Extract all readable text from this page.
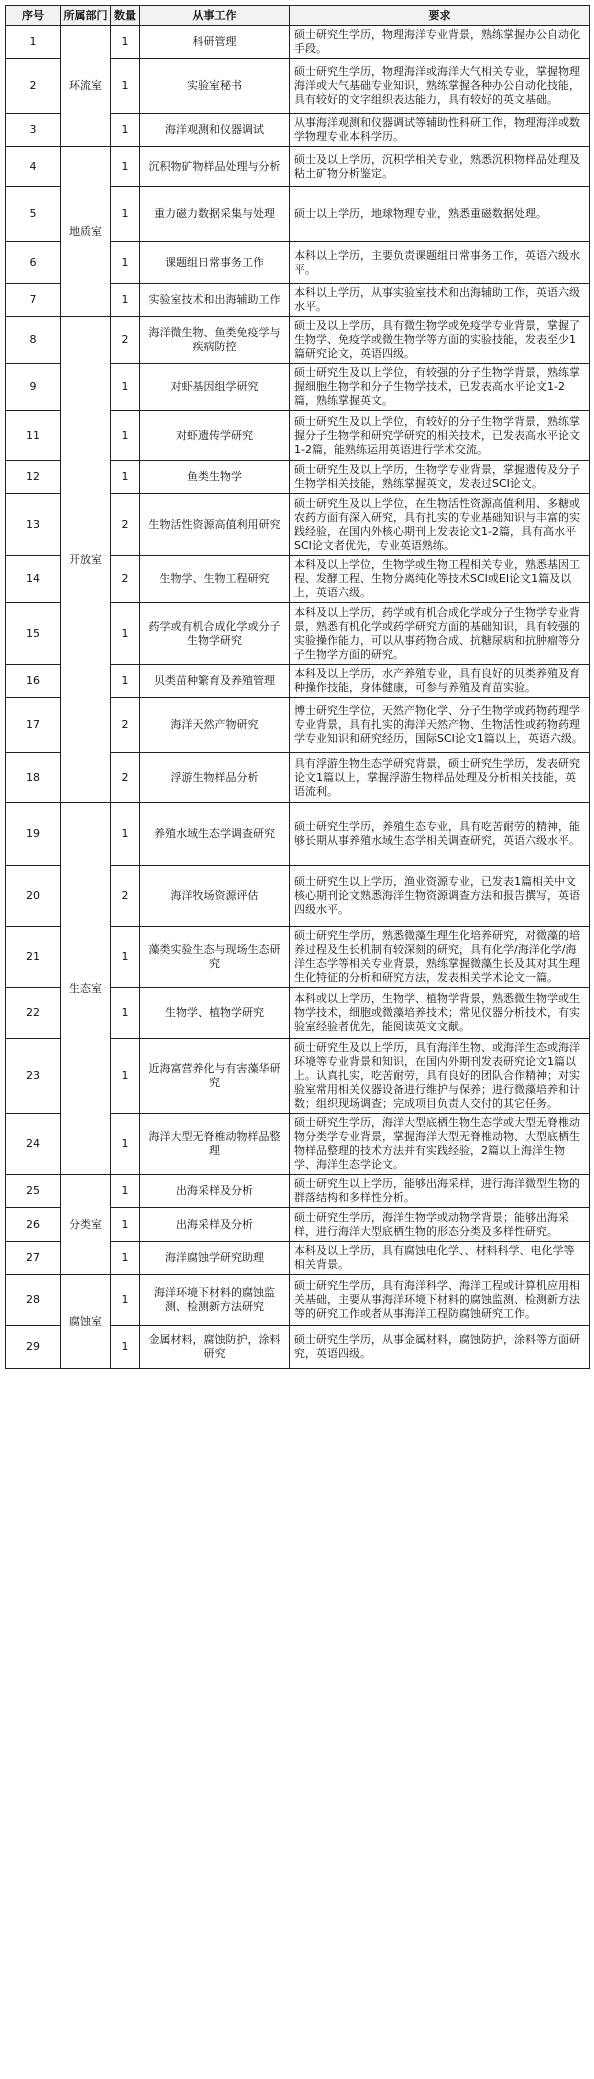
序号	所属部门	数量	从事工作	要求
1	环流室	1	科研管理	硕士研究生学历，物理海洋专业背景，熟练掌握办公自动化手段。
2		1	实验室秘书	硕士研究生学历，物理海洋或海洋大气相关专业，掌握物理海洋或大气基础专业知识，熟练掌握各种办公自动化技能，具有较好的文字组织表达能力，具有较好的英文基础。
3		1	海洋观测和仪器调试	从事海洋观测和仪器调试等辅助性科研工作，物理海洋或数学物理专业本科学历。
4	地质室	1	沉积物矿物样品处理与分析	硕士及以上学历，沉积学相关专业，熟悉沉积物样品处理及粘土矿物分析鉴定。
5		1	重力磁力数据采集与处理	硕士以上学历，地球物理专业，熟悉重磁数据处理。
6		1	课题组日常事务工作	本科以上学历，主要负责课题组日常事务工作，英语六级水平。
7		1	实验室技术和出海辅助工作	本科以上学历，从事实验室技术和出海辅助工作，英语六级水平。
8	开放室	2	海洋微生物、鱼类免疫学与疾病防控	硕士及以上学历，具有微生物学或免疫学专业背景，掌握了生物学、免疫学或微生物学等方面的实验技能，发表至少1篇研究论文，英语四级。
9		1	对虾基因组学研究	硕士研究生及以上学位，有较强的分子生物学背景，熟练掌握细胞生物学和分子生物学技术，已发表高水平论文1-2篇，熟练掌握英文。
11		1	对虾遗传学研究	硕士研究生及以上学位，有较好的分子生物学背景，熟练掌握分子生物学和研究学研究的相关技术，已发表高水平论文1-2篇，能熟练运用英语进行学术交流。
12		1	鱼类生物学	硕士研究生及以上学历，生物学专业背景，掌握遗传及分子生物学相关技能，熟练掌握英文，发表过SCI论文。
13		2	生物活性资源高值利用研究	硕士研究生及以上学位，在生物活性资源高值利用、多糖或农药方面有深入研究，具有扎实的专业基础知识与丰富的实践经验，在国内外核心期刊上发表论文1-2篇，具有高水平SCI论文者优先，专业英语熟练。
14		2	生物学、生物工程研究	本科及以上学位，生物学或生物工程相关专业，熟悉基因工程、发酵工程、生物分离纯化等技术SCI或EI论文1篇及以上，英语六级。
15		1	药学或有机合成化学或分子生物学研究	本科及以上学历，药学或有机合成化学或分子生物学专业背景，熟悉有机化学或药学研究方面的基础知识，具有较强的实验操作能力，可以从事药物合成、抗糖尿病和抗肿瘤等分子生物学方面的研究。
16		1	贝类苗种繁育及养殖管理	本科及以上学历，水产养殖专业，具有良好的贝类养殖及育种操作技能，身体健康，可参与养殖及育苗实验。
17		2	海洋天然产物研究	博士研究生学位，天然产物化学、分子生物学或药物药理学专业背景，具有扎实的海洋天然产物、生物活性或药物药理学专业知识和研究经历，国际SCI论文1篇以上，英语六级。
18		2	浮游生物样品分析	具有浮游生物生态学研究背景，硕士研究生学历，发表研究论文1篇以上，掌握浮游生物样品处理及分析相关技能，英语流利。
19	生态室	1	养殖水域生态学调查研究	硕士研究生学历，养殖生态专业，具有吃苦耐劳的精神，能够长期从事养殖水域生态学相关调查研究，英语六级水平。
20		2	海洋牧场资源评估	硕士研究生以上学历，渔业资源专业，已发表1篇相关中文核心期刊论文熟悉海洋生物资源调查方法和报告撰写，英语四级水平。
21		1	藻类实验生态与现场生态研究	硕士研究生学历，熟悉微藻生理生化培养研究，对微藻的培养过程及生长机制有较深刻的研究，具有化学/海洋化学/海洋生态学等相关专业背景，熟练掌握微藻生长及其对其生理生化特征的分析和研究方法，发表相关学术论文一篇。
22		1	生物学、植物学研究	本科或以上学历，生物学、植物学背景，熟悉微生物学或生物学技术，细胞或微藻培养技术；常见仪器分析技术，有实验室经验者优先，能阅读英文文献。
23		1	近海富营养化与有害藻华研究	硕士研究生及以上学历，具有海洋生物、或海洋生态或海洋环境等专业背景和知识，在国内外期刊发表研究论文1篇以上。认真扎实，吃苦耐劳，具有良好的团队合作精神；对实验室常用相关仪器设备进行维护与保养；进行微藻培养和计数；组织现场调查；完成项目负责人交付的其它任务。
24		1	海洋大型无脊椎动物样品整理	硕士研究生学历，海洋大型底栖生物生态学或大型无脊椎动物分类学专业背景，掌握海洋大型无脊椎动物、大型底栖生物样品整理的技术方法并有实践经验，2篇以上海洋生物学、海洋生态学论文。
25	分类室	1	出海采样及分析	硕士研究生以上学历，能够出海采样，进行海洋微型生物的群落结构和多样性分析。
26		1	出海采样及分析	硕士研究生学历，海洋生物学或动物学背景；能够出海采样，进行海洋大型底栖生物的形态分类及多样性研究。
27		1	海洋腐蚀学研究助理	本科及以上学历，具有腐蚀电化学、、材料科学、电化学等相关背景。
28	腐蚀室	1	海洋环境下材料的腐蚀监测、检测新方法研究	硕士研究生学历，具有海洋科学、海洋工程或计算机应用相关基础，主要从事海洋环境下材料的腐蚀监测、检测新方法等的研究工作或者从事海洋工程防腐蚀研究工作。
29		1	金属材料，腐蚀防护，涂料研究	硕士研究生学历，从事金属材料，腐蚀防护，涂料等方面研究，英语四级。
